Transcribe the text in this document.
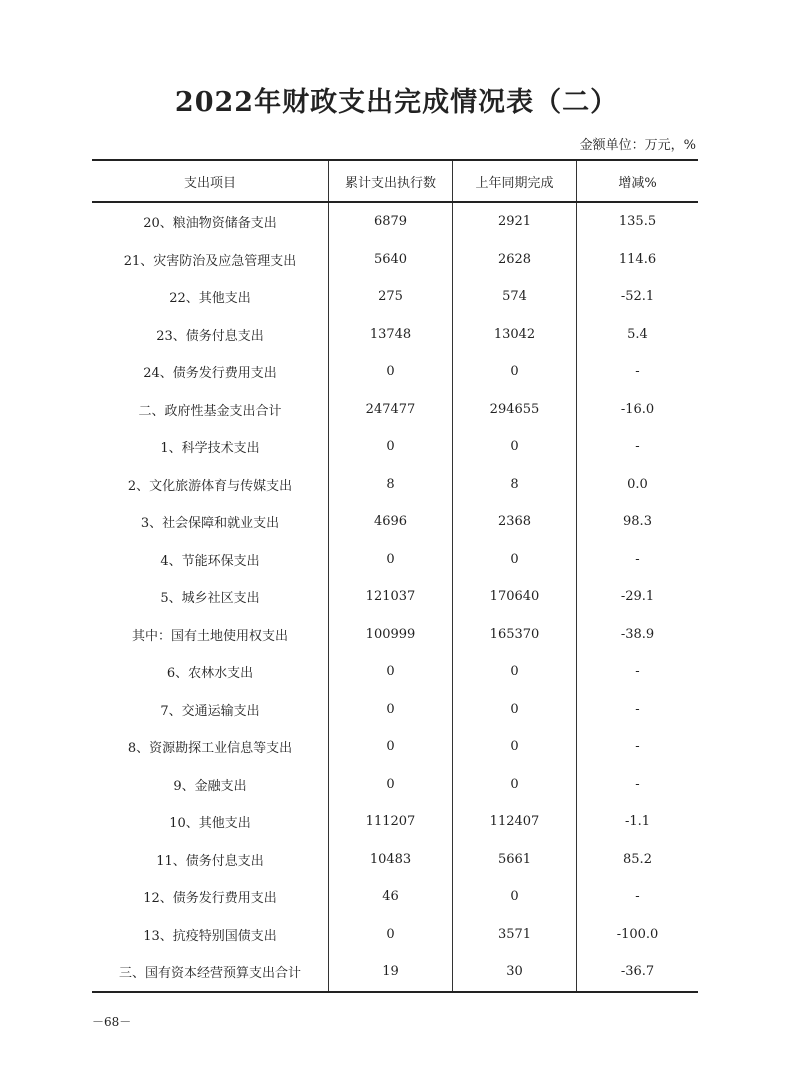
2022年财政支出完成情况表（二）
金额单位：万元，%
支出项目	累计支出执行数	上年同期完成	增减%
20、粮油物资储备支出	6879	2921	135.5
21、灾害防治及应急管理支出	5640	2628	114.6
22、其他支出	275	574	-52.1
23、债务付息支出	13748	13042	5.4
24、债务发行费用支出	0	0	-
二、政府性基金支出合计	247477	294655	-16.0
1、科学技术支出	0	0	-
2、文化旅游体育与传媒支出	8	8	0.0
3、社会保障和就业支出	4696	2368	98.3
4、节能环保支出	0	0	-
5、城乡社区支出	121037	170640	-29.1
其中：国有土地使用权支出	100999	165370	-38.9
6、农林水支出	0	0	-
7、交通运输支出	0	0	-
8、资源勘探工业信息等支出	0	0	-
9、金融支出	0	0	-
10、其他支出	111207	112407	-1.1
11、债务付息支出	10483	5661	85.2
12、债务发行费用支出	46	0	-
13、抗疫特别国债支出	0	3571	-100.0
三、国有资本经营预算支出合计	19	30	-36.7
－68－
